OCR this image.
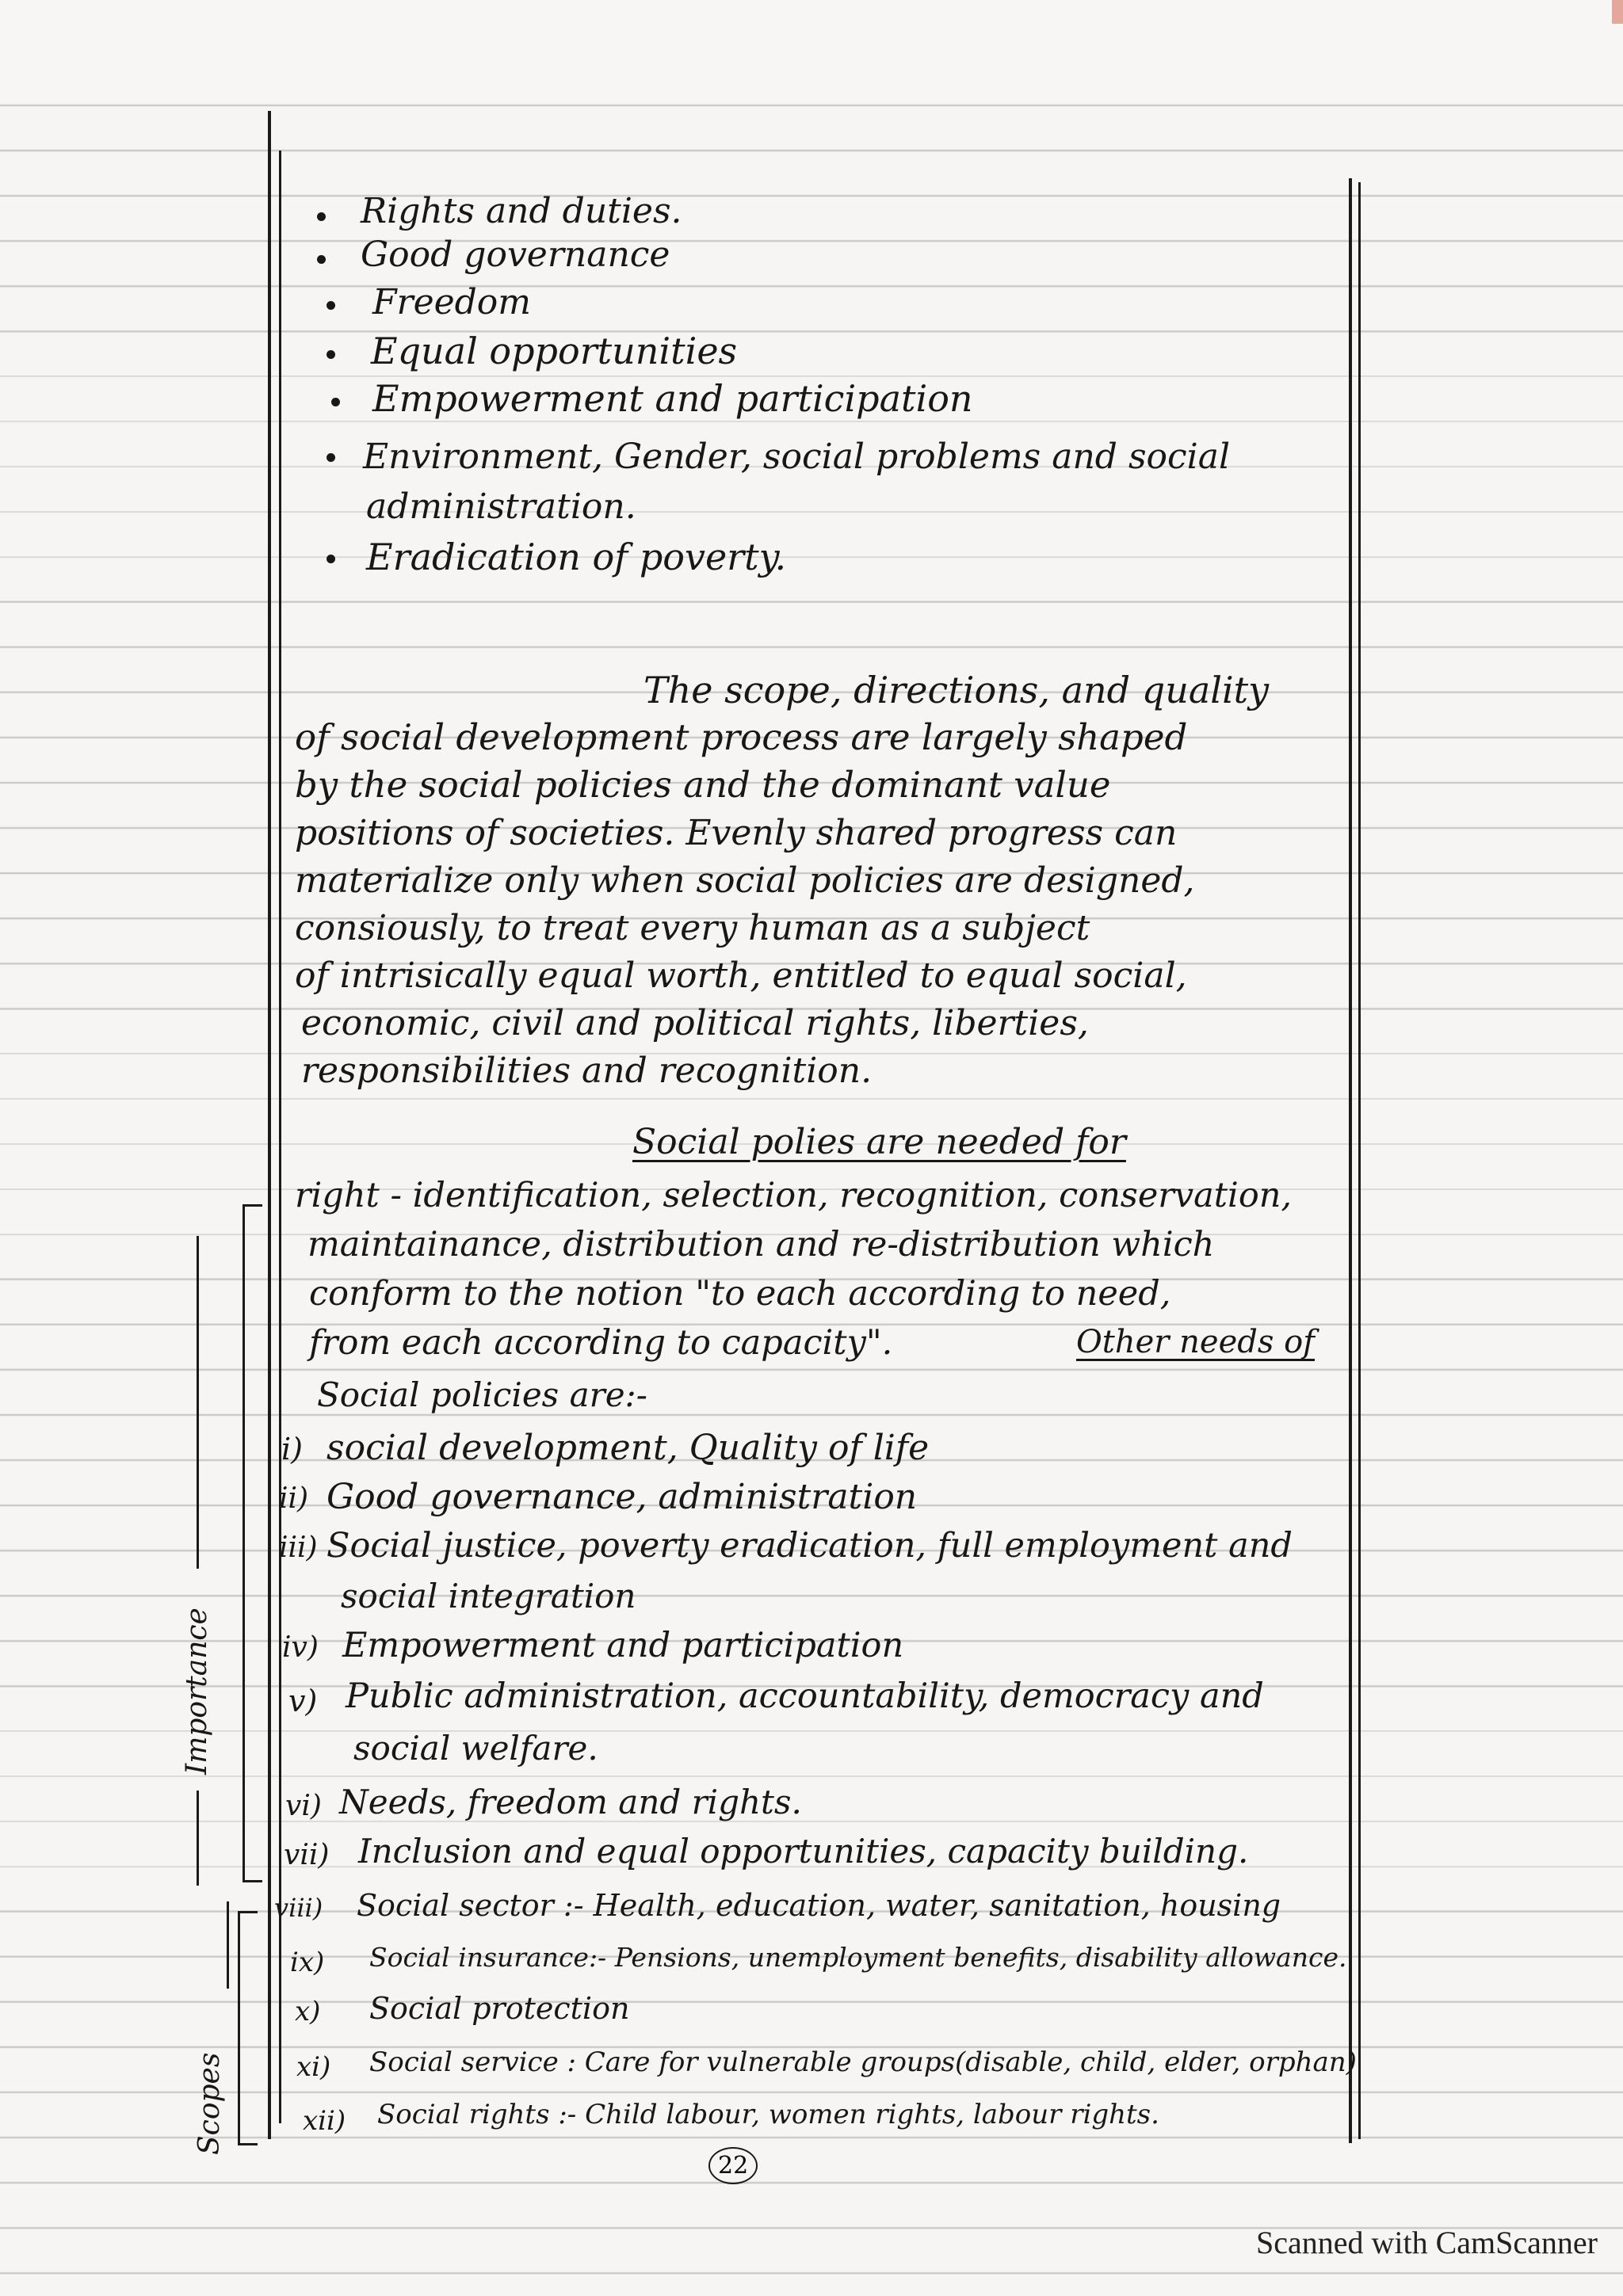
Rights and duties.
Good governance
Freedom
Equal opportunities
Empowerment and participation
Environment, Gender, social problems and social
administration.
Eradication of poverty.
The scope, directions, and quality
of social development process are largely shaped
by the social policies and the dominant value
positions of societies. Evenly shared progress can
materialize only when social policies are designed,
consiously, to treat every human as a subject
of intrisically equal worth, entitled to equal social,
economic, civil and political rights, liberties,
responsibilities and recognition.
Social polies are needed for
right - identification, selection, recognition, conservation,
maintainance, distribution and re-distribution which
conform to the notion "to each according to need,
from each according to capacity".	Other needs of
Social policies are:-
i) social development, Quality of life
ii) Good governance, administration
iii) Social justice, poverty eradication, full employment and
social integration
iv) Empowerment and participation
v) Public administration, accountability, democracy and
social welfare.
vi) Needs, freedom and rights.
vii) Inclusion and equal opportunities, capacity building.
viii) Social sector :- Health, education, water, sanitation, housing
ix) Social insurance:- Pensions, unemployment benefits, disability allowance.
x) Social protection
xi) Social service : Care for vulnerable groups(disable, child, elder, orphan)
xii) Social rights :- Child labour, women rights, labour rights.
Importance
Scopes
22
Scanned with CamScanner
